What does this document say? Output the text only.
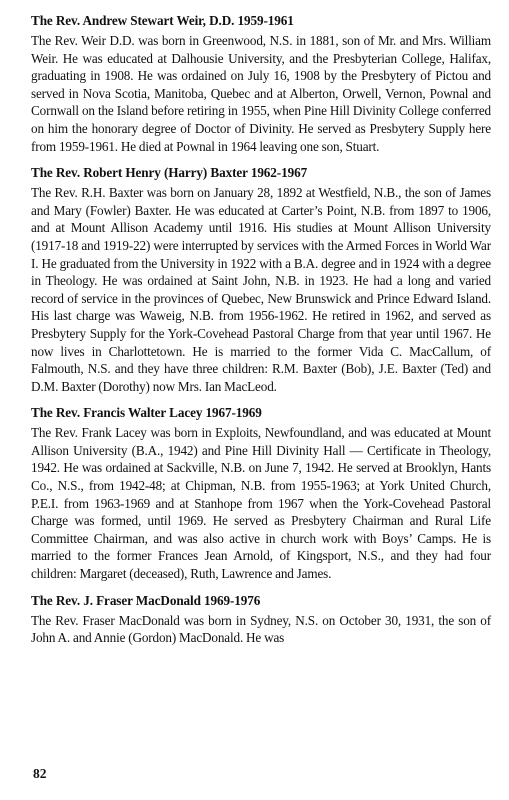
The Rev. Andrew Stewart Weir, D.D. 1959-1961

The Rev. Weir D.D. was born in Greenwood, N.S. in 1881, son of Mr. and Mrs. William Weir. He was educated at Dalhousie University, and the Presbyterian College, Halifax, graduating in 1908. He was ordained on July 16, 1908 by the Presbytery of Pictou and served in Nova Scotia, Manitoba, Quebec and at Alberton, Orwell, Vernon, Pownal and Cornwall on the Island before retiring in 1955, when Pine Hill Divinity College conferred on him the honorary degree of Doctor of Divinity. He served as Presbytery Supply here from 1959-1961. He died at Pownal in 1964 leaving one son, Stuart.

The Rev. Robert Henry (Harry) Baxter 1962-1967

The Rev. R.H. Baxter was born on January 28, 1892 at Westfield, N.B., the son of James and Mary (Fowler) Baxter. He was educated at Carter’s Point, N.B. from 1897 to 1906, and at Mount Allison Academy until 1916. His studies at Mount Allison University (1917-18 and 1919-22) were interrupted by services with the Armed Forces in World War I. He graduated from the University in 1922 with a B.A. degree and in 1924 with a degree in Theology. He was ordained at Saint John, N.B. in 1923. He had a long and varied record of service in the provinces of Quebec, New Brunswick and Prince Edward Island. His last charge was Waweig, N.B. from 1956-1962. He retired in 1962, and served as Presbytery Supply for the York-Covehead Pastoral Charge from that year until 1967. He now lives in Charlottetown. He is married to the former Vida C. MacCallum, of Falmouth, N.S. and they have three children: R.M. Baxter (Bob), J.E. Baxter (Ted) and D.M. Baxter (Dorothy) now Mrs. Ian MacLeod.

The Rev. Francis Walter Lacey 1967-1969

The Rev. Frank Lacey was born in Exploits, Newfoundland, and was educated at Mount Allison University (B.A., 1942) and Pine Hill Divinity Hall — Certificate in Theology, 1942. He was ordained at Sackville, N.B. on June 7, 1942. He served at Brooklyn, Hants Co., N.S., from 1942-48; at Chipman, N.B. from 1955-1963; at York United Church, P.E.I. from 1963-1969 and at Stanhope from 1967 when the York-Covehead Pastoral Charge was formed, until 1969. He served as Presbytery Chairman and Rural Life Committee Chairman, and was also active in church work with Boys’ Camps. He is married to the former Frances Jean Arnold, of Kingsport, N.S., and they had four children: Margaret (deceased), Ruth, Lawrence and James.

The Rev. J. Fraser MacDonald 1969-1976

The Rev. Fraser MacDonald was born in Sydney, N.S. on October 30, 1931, the son of John A. and Annie (Gordon) MacDonald. He was

82
